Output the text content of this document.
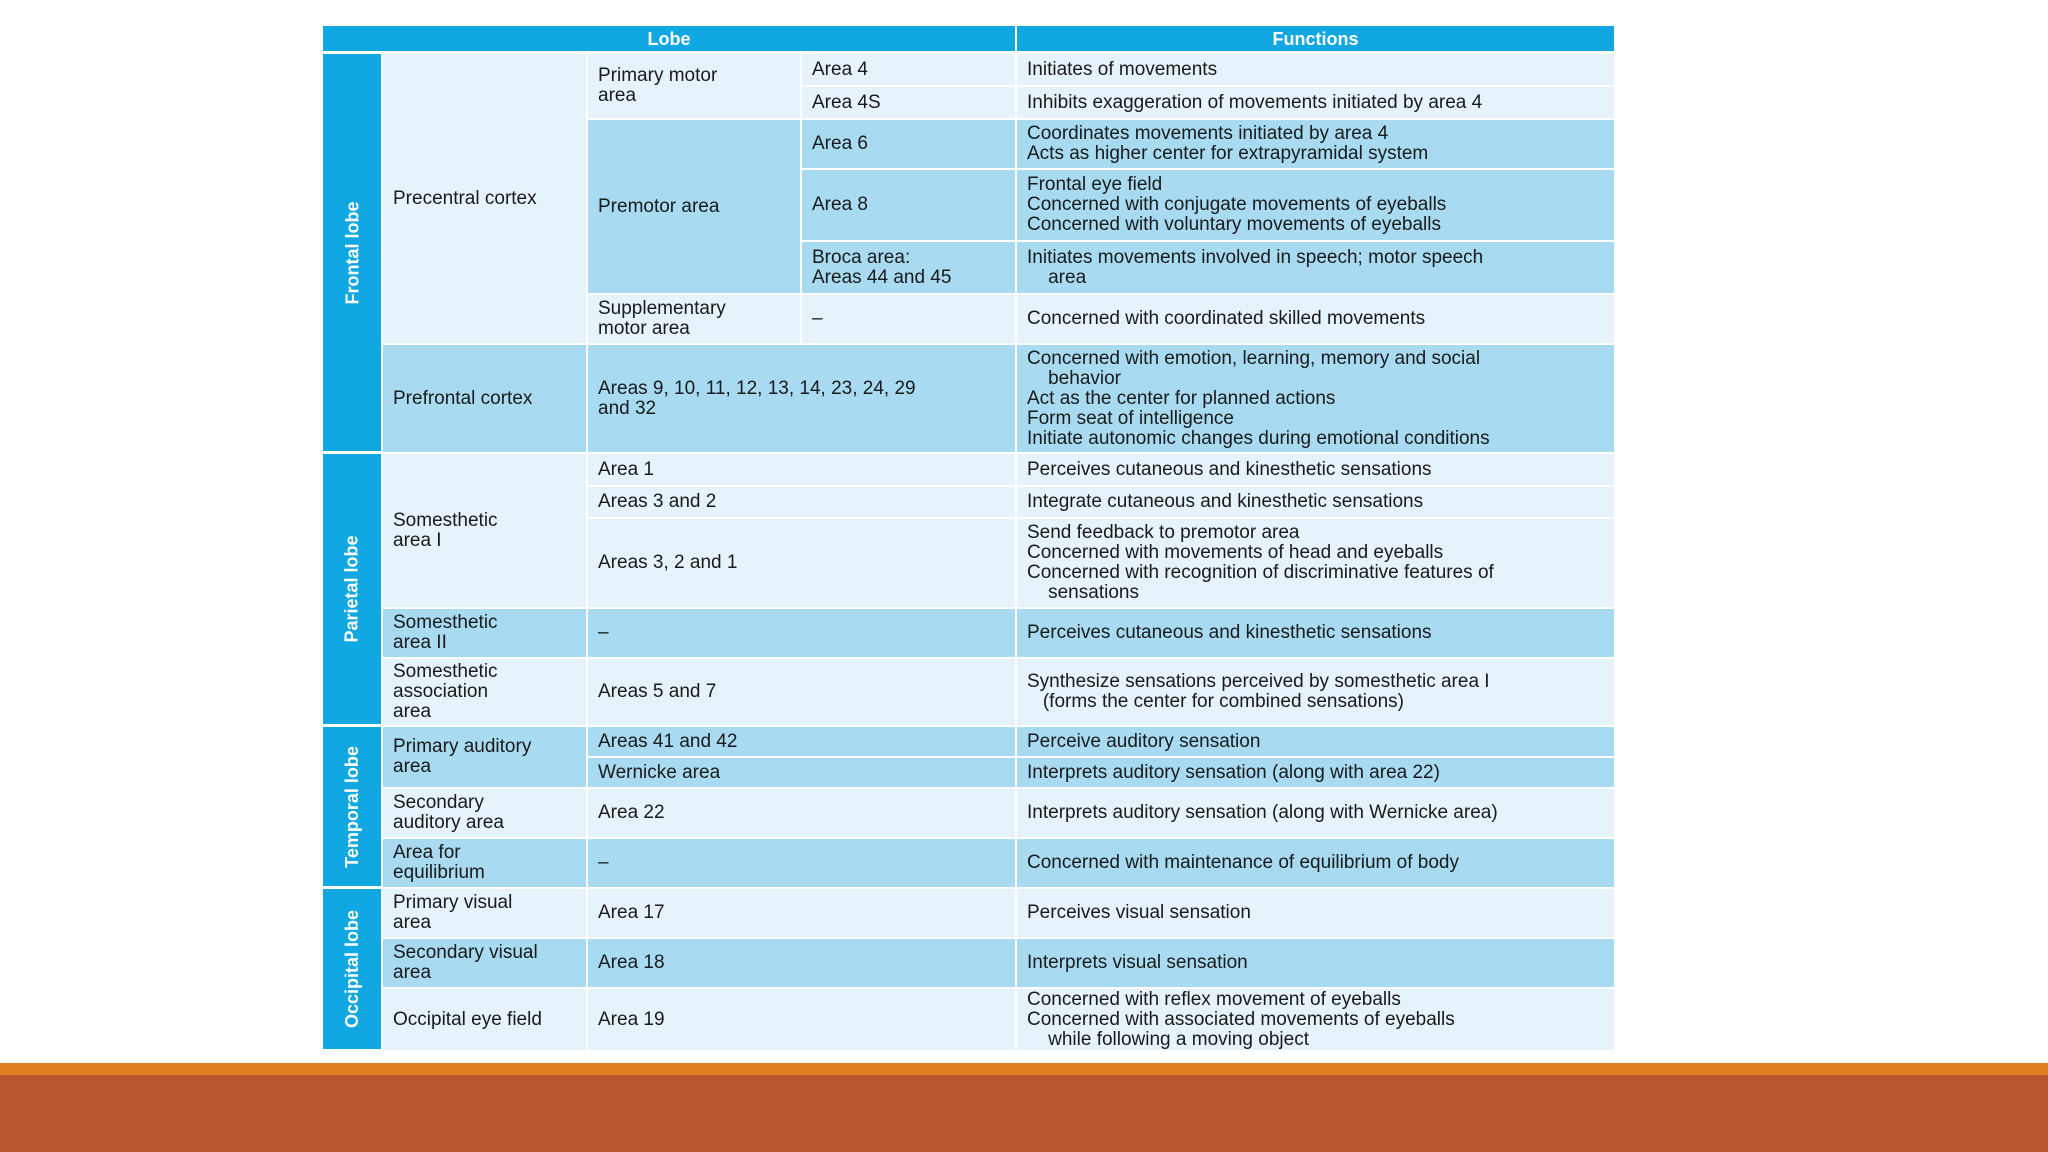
Lobe	Functions
Frontal lobe
Parietal lobe
Temporal lobe
Occipital lobe
Precentral cortex
Prefrontal cortex
Somesthetic
area I
Somesthetic
area II
Somesthetic
association
area
Primary auditory
area
Secondary
auditory area
Area for
equilibrium
Primary visual
area
Secondary visual
area
Occipital eye field
Primary motor
area
Premotor area
Supplementary
motor area
Area 4
Area 4S
Area 6
Area 8
Broca area:
Areas 44 and 45
–
Areas 9, 10, 11, 12, 13, 14, 23, 24, 29
and 32
Area 1
Areas 3 and 2
Areas 3, 2 and 1
–
Areas 5 and 7
Areas 41 and 42
Wernicke area
Area 22
–
Area 17
Area 18
Area 19
Initiates of movements
Inhibits exaggeration of movements initiated by area 4
Coordinates movements initiated by area 4
Acts as higher center for extrapyramidal system
Frontal eye field
Concerned with conjugate movements of eyeballs
Concerned with voluntary movements of eyeballs
Initiates movements involved in speech; motor speech
area
Concerned with coordinated skilled movements
Concerned with emotion, learning, memory and social
behavior
Act as the center for planned actions
Form seat of intelligence
Initiate autonomic changes during emotional conditions
Perceives cutaneous and kinesthetic sensations
Integrate cutaneous and kinesthetic sensations
Send feedback to premotor area
Concerned with movements of head and eyeballs
Concerned with recognition of discriminative features of
sensations
Perceives cutaneous and kinesthetic sensations
Synthesize sensations perceived by somesthetic area I
(forms the center for combined sensations)
Perceive auditory sensation
Interprets auditory sensation (along with area 22)
Interprets auditory sensation (along with Wernicke area)
Concerned with maintenance of equilibrium of body
Perceives visual sensation
Interprets visual sensation
Concerned with reflex movement of eyeballs
Concerned with associated movements of eyeballs
while following a moving object
